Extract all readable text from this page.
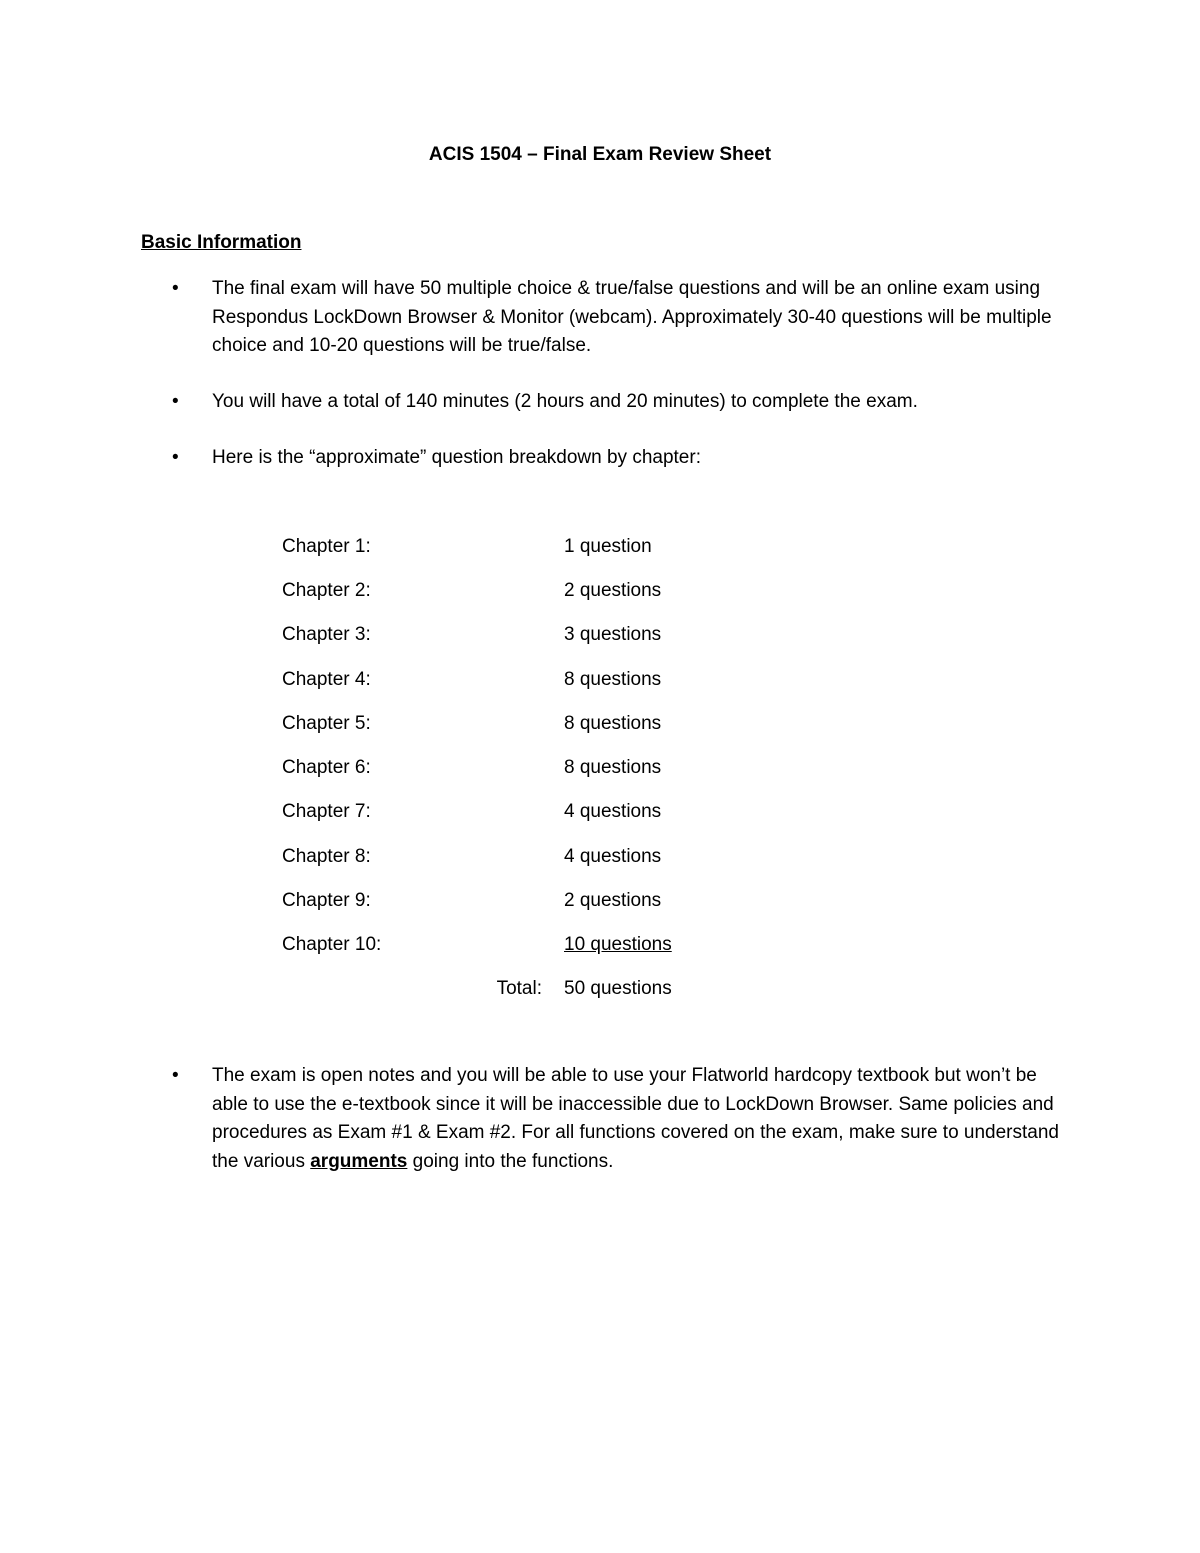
ACIS 1504 – Final Exam Review Sheet
Basic Information
•	The final exam will have 50 multiple choice & true/false questions and will be an online exam using Respondus LockDown Browser & Monitor (webcam). Approximately 30-40 questions will be multiple choice and 10-20 questions will be true/false.
•	You will have a total of 140 minutes (2 hours and 20 minutes) to complete the exam.
•	Here is the “approximate” question breakdown by chapter:
Chapter 1:	1 question
Chapter 2:	2 questions
Chapter 3:	3 questions
Chapter 4:	8 questions
Chapter 5:	8 questions
Chapter 6:	8 questions
Chapter 7:	4 questions
Chapter 8:	4 questions
Chapter 9:	2 questions
Chapter 10:	10 questions
Total: 50 questions
•	The exam is open notes and you will be able to use your Flatworld hardcopy textbook but won’t be able to use the e-textbook since it will be inaccessible due to LockDown Browser. Same policies and procedures as Exam #1 & Exam #2. For all functions covered on the exam, make sure to understand the various arguments going into the functions.
